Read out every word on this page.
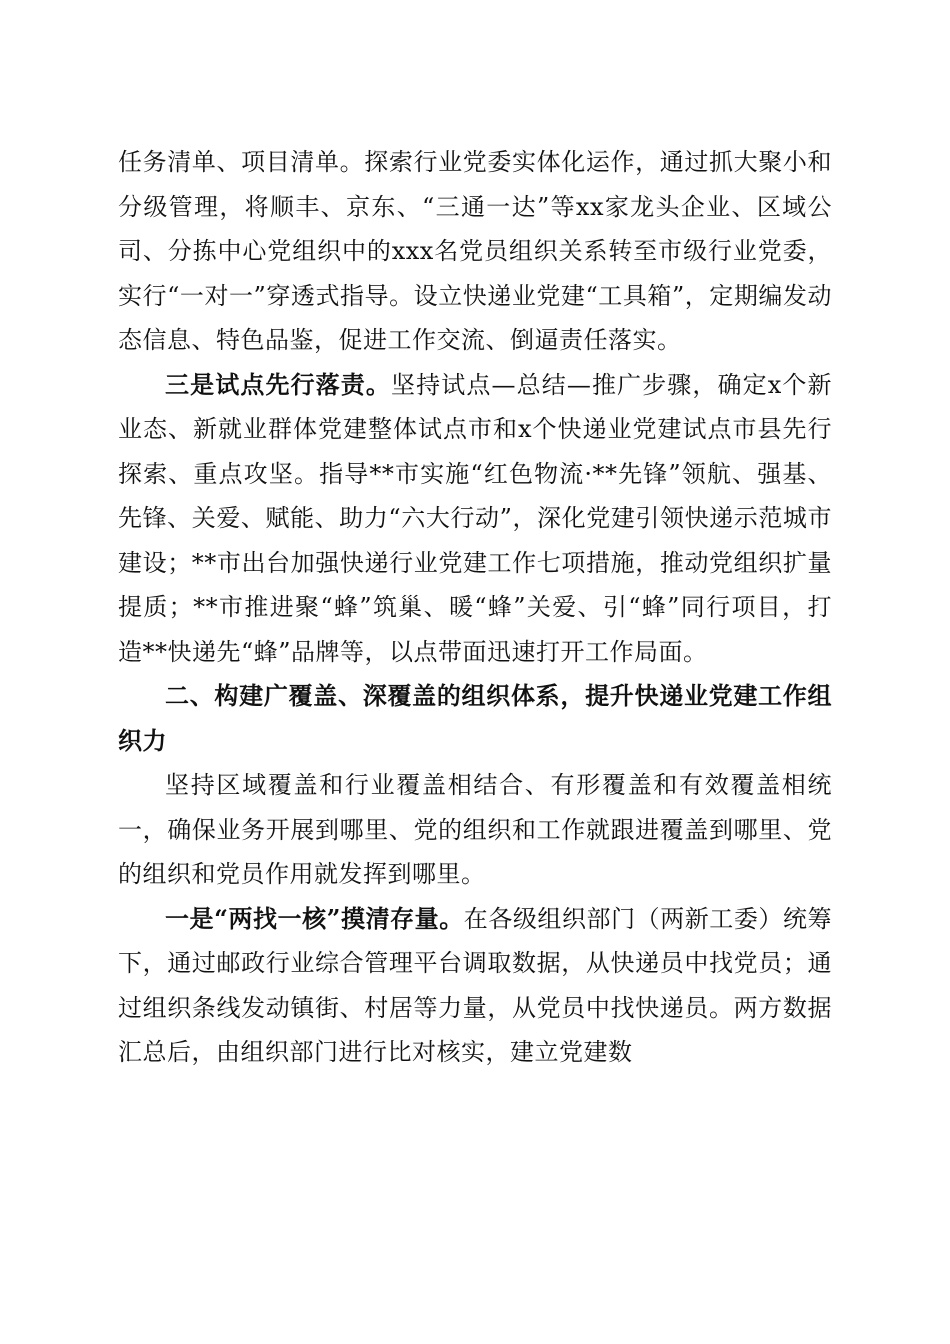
任务清单、项目清单。探索行业党委实体化运作，通过抓大聚小和分级管理，将顺丰、京东、“三通一达”等xx家龙头企业、区域公司、分拣中心党组织中的xxx名党员组织关系转至市级行业党委，实行“一对一”穿透式指导。设立快递业党建“工具箱”，定期编发动态信息、特色品鉴，促进工作交流、倒逼责任落实。

三是试点先行落责。坚持试点—总结—推广步骤，确定x个新业态、新就业群体党建整体试点市和x个快递业党建试点市县先行探索、重点攻坚。指导**市实施“红色物流·**先锋”领航、强基、先锋、关爱、赋能、助力“六大行动”，深化党建引领快递示范城市建设；**市出台加强快递行业党建工作七项措施，推动党组织扩量提质；**市推进聚“蜂”筑巢、暖“蜂”关爱、引“蜂”同行项目，打造**快递先“蜂”品牌等，以点带面迅速打开工作局面。

二、构建广覆盖、深覆盖的组织体系，提升快递业党建工作组织力

坚持区域覆盖和行业覆盖相结合、有形覆盖和有效覆盖相统一，确保业务开展到哪里、党的组织和工作就跟进覆盖到哪里、党的组织和党员作用就发挥到哪里。

一是“两找一核”摸清存量。在各级组织部门（两新工委）统筹下，通过邮政行业综合管理平台调取数据，从快递员中找党员；通过组织条线发动镇街、村居等力量，从党员中找快递员。两方数据汇总后，由组织部门进行比对核实，建立党建数
